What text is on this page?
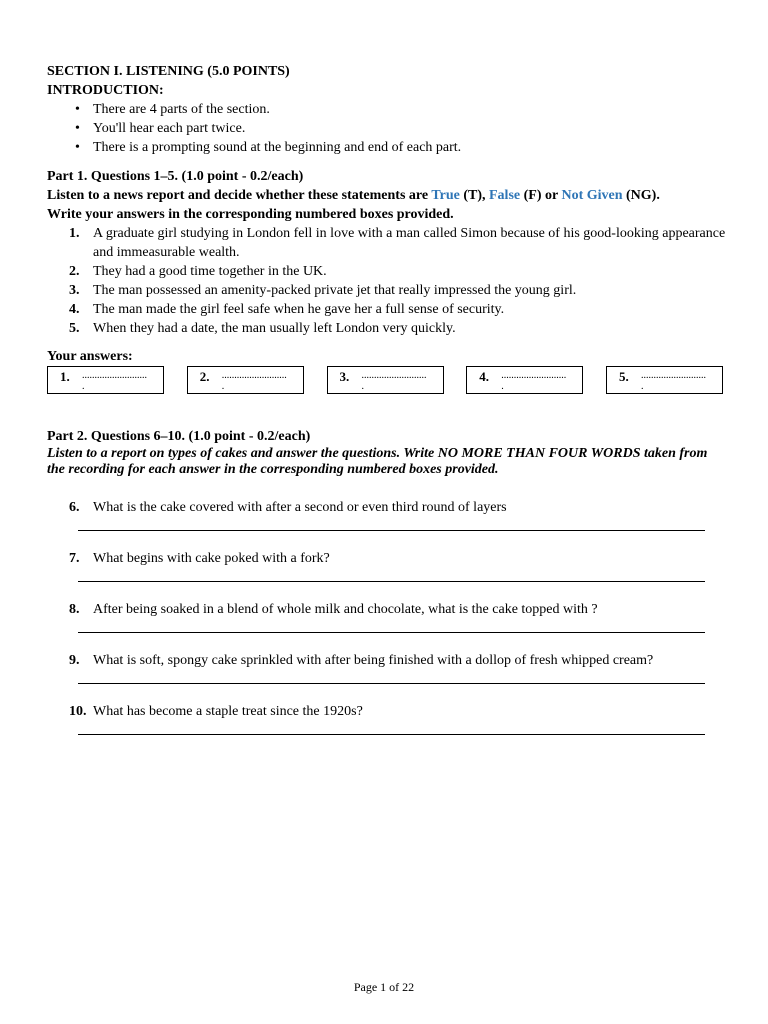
SECTION I. LISTENING (5.0 POINTS)
INTRODUCTION:
• There are 4 parts of the section.
• You'll hear each part twice.
• There is a prompting sound at the beginning and end of each part.
Part 1. Questions 1–5. (1.0 point - 0.2/each)
Listen to a news report and decide whether these statements are True (T), False (F) or Not Given (NG).
Write your answers in the corresponding numbered boxes provided.
1. A graduate girl studying in London fell in love with a man called Simon because of his good-looking appearance and immeasurable wealth.
2. They had a good time together in the UK.
3. The man possessed an amenity-packed private jet that really impressed the young girl.
4. The man made the girl feel safe when he gave her a full sense of security.
5. When they had a date, the man usually left London very quickly.
Your answers:
1. ..........................
.
2. ..........................
.
3. ..........................
.
4. ..........................
.
5. ..........................
.
Part 2. Questions 6–10. (1.0 point - 0.2/each)
Listen to a report on types of cakes and answer the questions. Write NO MORE THAN FOUR WORDS taken from the recording for each answer in the corresponding numbered boxes provided.
6. What is the cake covered with after a second or even third round of layers
7. What begins with cake poked with a fork?
8. After being soaked in a blend of whole milk and chocolate, what is the cake topped with ?
9. What is soft, spongy cake sprinkled with after being finished with a dollop of fresh whipped cream?
10. What has become a staple treat since the 1920s?
Page 1 of 22
